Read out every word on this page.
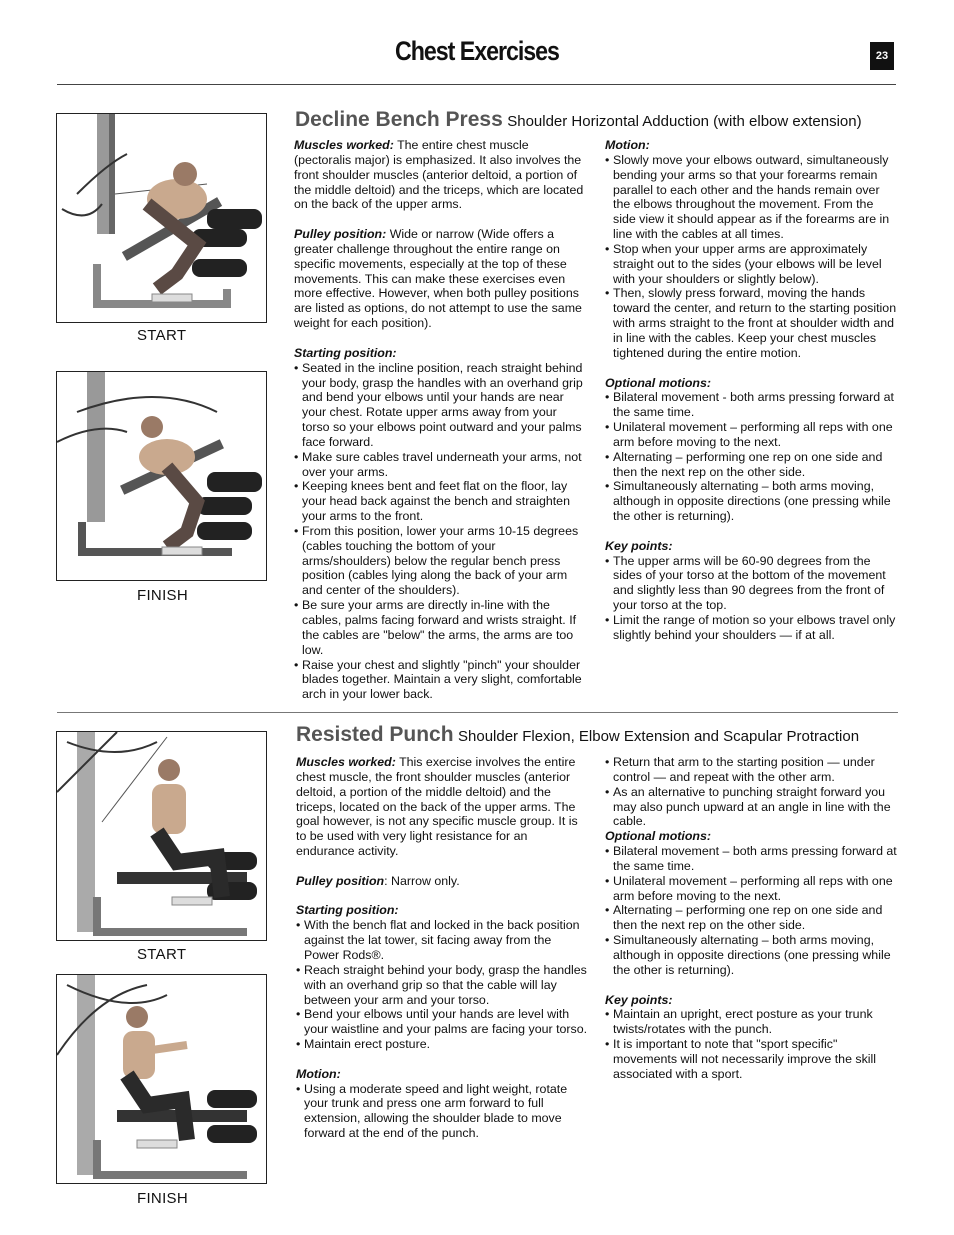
Chest Exercises	23
START
FINISH
Decline Bench Press Shoulder Horizontal Adduction (with elbow extension)

Muscles worked: The entire chest muscle (pectoralis major) is emphasized. It also involves the front shoulder muscles (anterior deltoid, a portion of the middle deltoid) and the triceps, which are located on the back of the upper arms.

Pulley position: Wide or narrow (Wide offers a greater challenge throughout the entire range on specific movements, especially at the top of these movements. This can make these exercises even more effective. However, when both pulley positions are listed as options, do not attempt to use the same weight for each position).

Starting position:

• Seated in the incline position, reach straight behind your body, grasp the handles with an overhand grip and bend your elbows until your hands are near your chest. Rotate upper arms away from your torso so your elbows point outward and your palms face forward.
• Make sure cables travel underneath your arms, not over your arms.
• Keeping knees bent and feet flat on the floor, lay your head back against the bench and straighten your arms to the front.
• From this position, lower your arms 10-15 degrees (cables touching the bottom of your arms/shoulders) below the regular bench press position (cables lying along the back of your arm and center of the shoulders).
• Be sure your arms are directly in-line with the cables, palms facing forward and wrists straight. If the cables are "below" the arms, the arms are too low.
• Raise your chest and slightly "pinch" your shoulder blades together. Maintain a very slight, comfortable arch in your lower back.

Motion:

• Slowly move your elbows outward, simultaneously bending your arms so that your forearms remain parallel to each other and the hands remain over the elbows throughout the movement. From the side view it should appear as if the forearms are in line with the cables at all times.
• Stop when your upper arms are approximately straight out to the sides (your elbows will be level with your shoulders or slightly below).
• Then, slowly press forward, moving the hands toward the center, and return to the starting position with arms straight to the front at shoulder width and in line with the cables. Keep your chest muscles tightened during the entire motion.

Optional motions:

• Bilateral movement - both arms pressing forward at the same time.
• Unilateral movement – performing all reps with one arm before moving to the next.
• Alternating – performing one rep on one side and then the next rep on the other side.
• Simultaneously alternating – both arms moving, although in opposite directions (one pressing while the other is returning).

Key points:

• The upper arms will be 60-90 degrees from the sides of your torso at the bottom of the movement and slightly less than 90 degrees from the front of your torso at the top.
• Limit the range of motion so your elbows travel only slightly behind your shoulders — if at all.
START
FINISH
Resisted Punch Shoulder Flexion, Elbow Extension and Scapular Protraction

Muscles worked: This exercise involves the entire chest muscle, the front shoulder muscles (anterior deltoid, a portion of the middle deltoid) and the triceps, located on the back of the upper arms. The goal however, is not any specific muscle group. It is to be used with very light resistance for an endurance activity.

Pulley position: Narrow only.

Starting position:

• With the bench flat and locked in the back position against the lat tower, sit facing away from the Power Rods®.
• Reach straight behind your body, grasp the handles with an overhand grip so that the cable will lay between your arm and your torso.
• Bend your elbows until your hands are level with your waistline and your palms are facing your torso.
• Maintain erect posture.

Motion:

• Using a moderate speed and light weight, rotate your trunk and press one arm forward to full extension, allowing the shoulder blade to move forward at the end of the punch.
• Return that arm to the starting position — under control — and repeat with the other arm.
• As an alternative to punching straight forward you may also punch upward at an angle in line with the cable.

Optional motions:

• Bilateral movement – both arms pressing forward at the same time.
• Unilateral movement – performing all reps with one arm before moving to the next.
• Alternating – performing one rep on one side and then the next rep on the other side.
• Simultaneously alternating – both arms moving, although in opposite directions (one pressing while the other is returning).

Key points:

• Maintain an upright, erect posture as your trunk twists/rotates with the punch.
• It is important to note that "sport specific" movements will not necessarily improve the skill associated with a sport.
